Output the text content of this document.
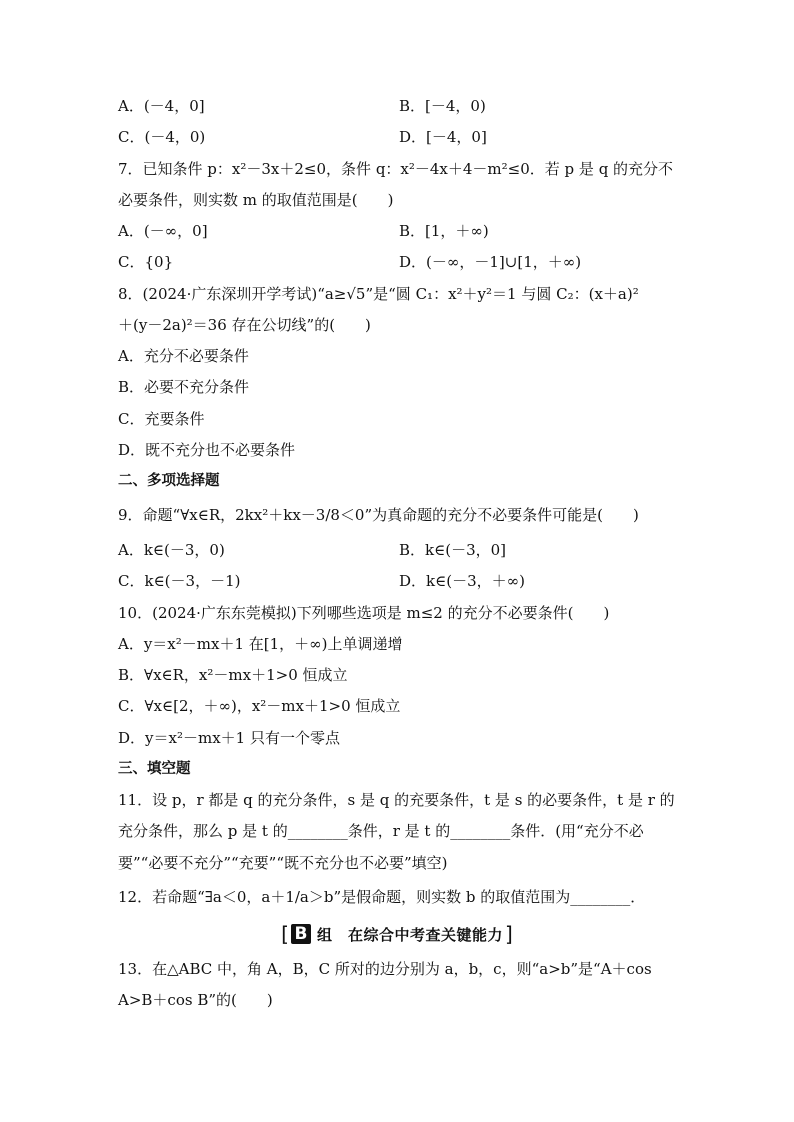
A．(－4，0]	B．[－4，0)
C．(－4，0)	D．[－4，0]
7．已知条件 p：x²－3x＋2≤0，条件 q：x²－4x＋4－m²≤0．若 p 是 q 的充分不
必要条件，则实数 m 的取值范围是(　　)
A．(－∞，0]	B．[1，＋∞)
C．{0}	D．(－∞，－1]∪[1，＋∞)
8．(2024·广东深圳开学考试)“a≥√5”是“圆 C₁：x²＋y²＝1 与圆 C₂：(x＋a)²
＋(y－2a)²＝36 存在公切线”的(　　)
A．充分不必要条件
B．必要不充分条件
C．充要条件
D．既不充分也不必要条件
二、多项选择题
9．命题“∀x∈R，2kx²＋kx－3/8＜0”为真命题的充分不必要条件可能是(　　)
A．k∈(－3，0)	B．k∈(－3，0]
C．k∈(－3，－1)	D．k∈(－3，＋∞)
10．(2024·广东东莞模拟)下列哪些选项是 m≤2 的充分不必要条件(　　)
A．y＝x²－mx＋1 在[1，＋∞)上单调递增
B．∀x∈R，x²－mx＋1>0 恒成立
C．∀x∈[2，＋∞)，x²－mx＋1>0 恒成立
D．y＝x²－mx＋1 只有一个零点
三、填空题
11．设 p，r 都是 q 的充分条件，s 是 q 的充要条件，t 是 s 的必要条件，t 是 r 的
充分条件，那么 p 是 t 的________条件，r 是 t 的________条件．(用“充分不必
要”“必要不充分”“充要”“既不充分也不必要”填空)
12．若命题“∃a＜0，a＋1/a＞b”是假命题，则实数 b 的取值范围为________．
[ B 组　在综合中考查关键能力 ]
13．在△ABC 中，角 A，B，C 所对的边分别为 a，b，c，则“a>b”是“A＋cos
A>B＋cos B”的(　　)
